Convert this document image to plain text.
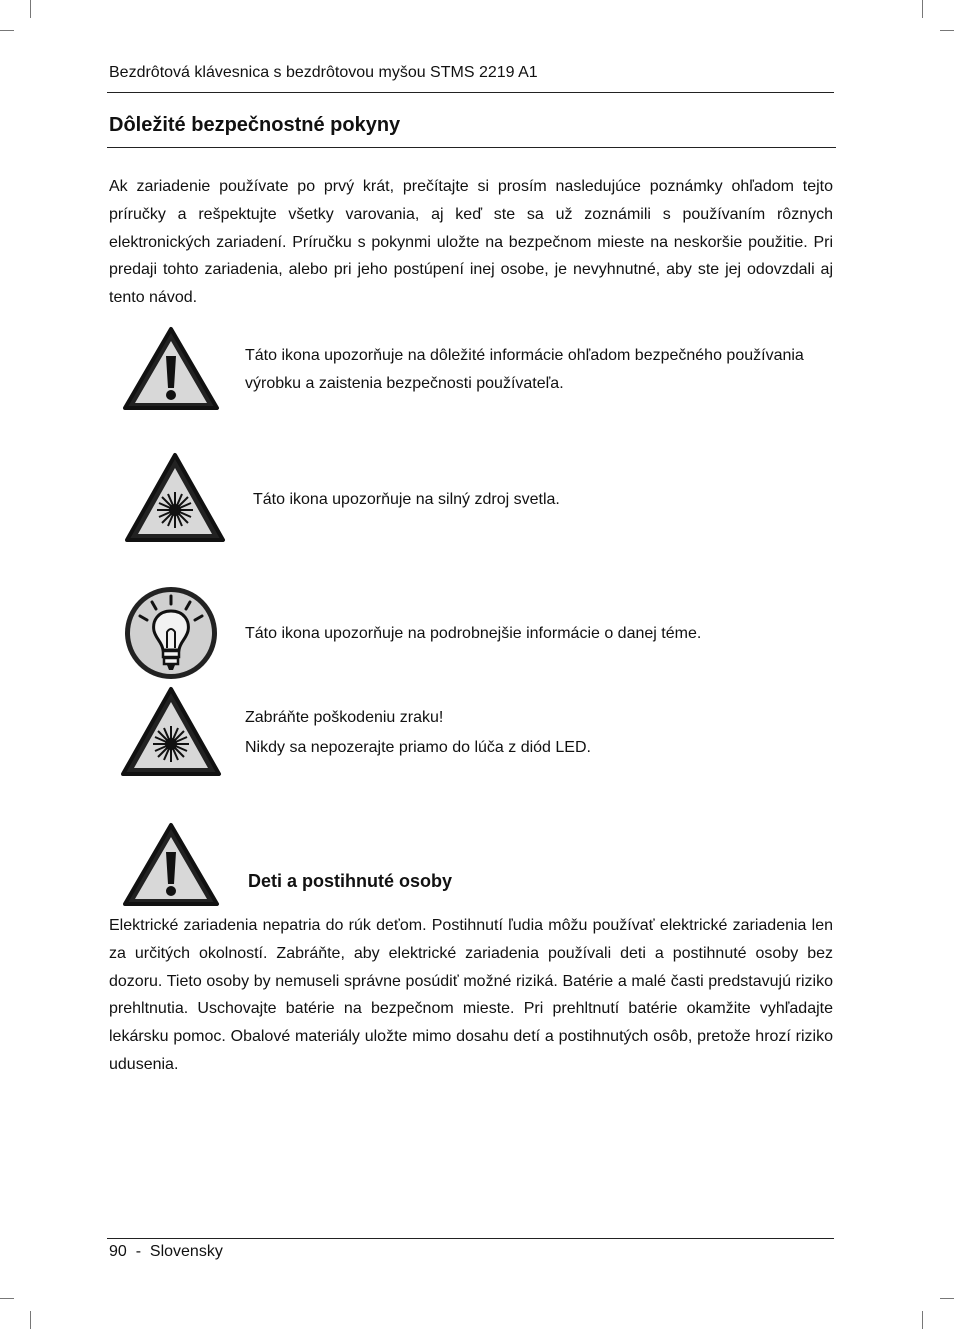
Bezdrôtová klávesnica s bezdrôtovou myšou STMS 2219 A1
Dôležité bezpečnostné pokyny
Ak zariadenie používate po prvý krát, prečítajte si prosím nasledujúce poznámky ohľadom tejto príručky a rešpektujte všetky varovania, aj keď ste sa už zoznámili s používaním rôznych elektronických zariadení. Príručku s pokynmi uložte na bezpečnom mieste na neskoršie použitie. Pri predaji tohto zariadenia, alebo pri jeho postúpení inej osobe, je nevyhnutné, aby ste jej odovzdali aj tento návod.
Táto ikona upozorňuje na dôležité informácie ohľadom bezpečného používania výrobku a zaistenia bezpečnosti používateľa.
Táto ikona upozorňuje na silný zdroj svetla.
Táto ikona upozorňuje na podrobnejšie informácie o danej téme.
Zabráňte poškodeniu zraku!
Nikdy sa nepozerajte priamo do lúča z diód LED.
Deti a postihnuté osoby
Elektrické zariadenia nepatria do rúk deťom. Postihnutí ľudia môžu používať elektrické zariadenia len za určitých okolností. Zabráňte, aby elektrické zariadenia používali deti a postihnuté osoby bez dozoru. Tieto osoby by nemuseli správne posúdiť možné riziká. Batérie a malé časti predstavujú riziko prehltnutia. Uschovajte batérie na bezpečnom mieste. Pri prehltnutí batérie okamžite vyhľadajte lekársku pomoc. Obalové materiály uložte mimo dosahu detí a postihnutých osôb, pretože hrozí riziko udusenia.
90  -  Slovensky
